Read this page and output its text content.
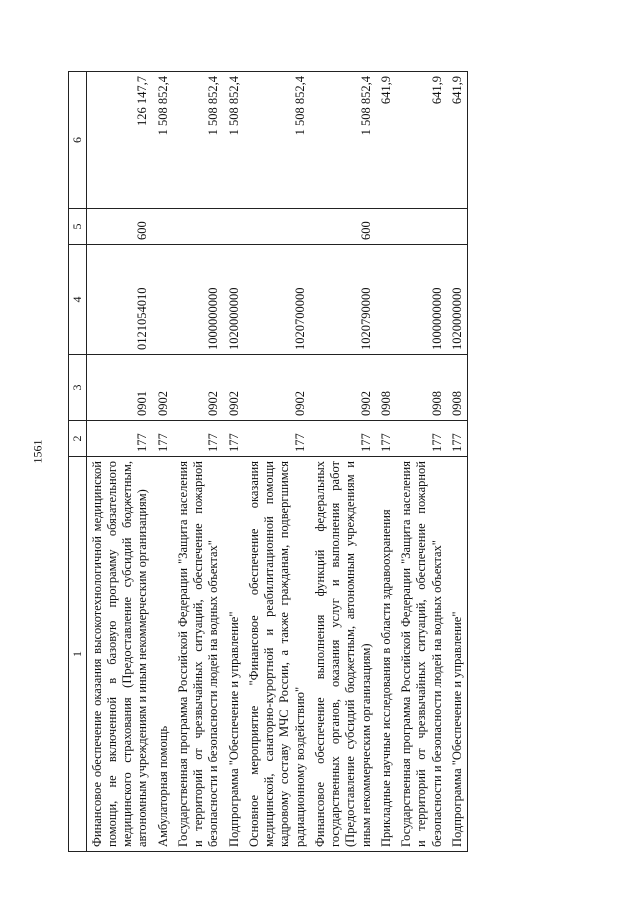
1561
1	2	3	4	5	6
Финансовое обеспечение оказания высокотехнологичной медицинской помощи, не включенной в базовую программу обязательного медицинского страхования (Предоставление субсидий бюджетным, автономным учреждениям и иным некоммерческим организациям)	177	0901	0121054010	600	126 147,7
Амбулаторная помощь	177	0902			1 508 852,4
Государственная программа Российской Федерации "Защита населения и территорий от чрезвычайных ситуаций, обеспечение пожарной безопасности и безопасности людей на водных объектах"	177	0902	1000000000		1 508 852,4
Подпрограмма "Обеспечение и управление"	177	0902	1020000000		1 508 852,4
Основное мероприятие "Финансовое обеспечение оказания медицинской, санаторно-курортной и реабилитационной помощи кадровому составу МЧС России, а также гражданам, подвергшимся радиационному воздействию"	177	0902	1020700000		1 508 852,4
Финансовое обеспечение выполнения функций федеральных государственных органов, оказания услуг и выполнения работ (Предоставление субсидий бюджетным, автономным учреждениям и иным некоммерческим организациям)	177	0902	1020790000	600	1 508 852,4
Прикладные научные исследования в области здравоохранения	177	0908			641,9
Государственная программа Российской Федерации "Защита населения и территорий от чрезвычайных ситуаций, обеспечение пожарной безопасности и безопасности людей на водных объектах"	177	0908	1000000000		641,9
Подпрограмма "Обеспечение и управление"	177	0908	1020000000		641,9
